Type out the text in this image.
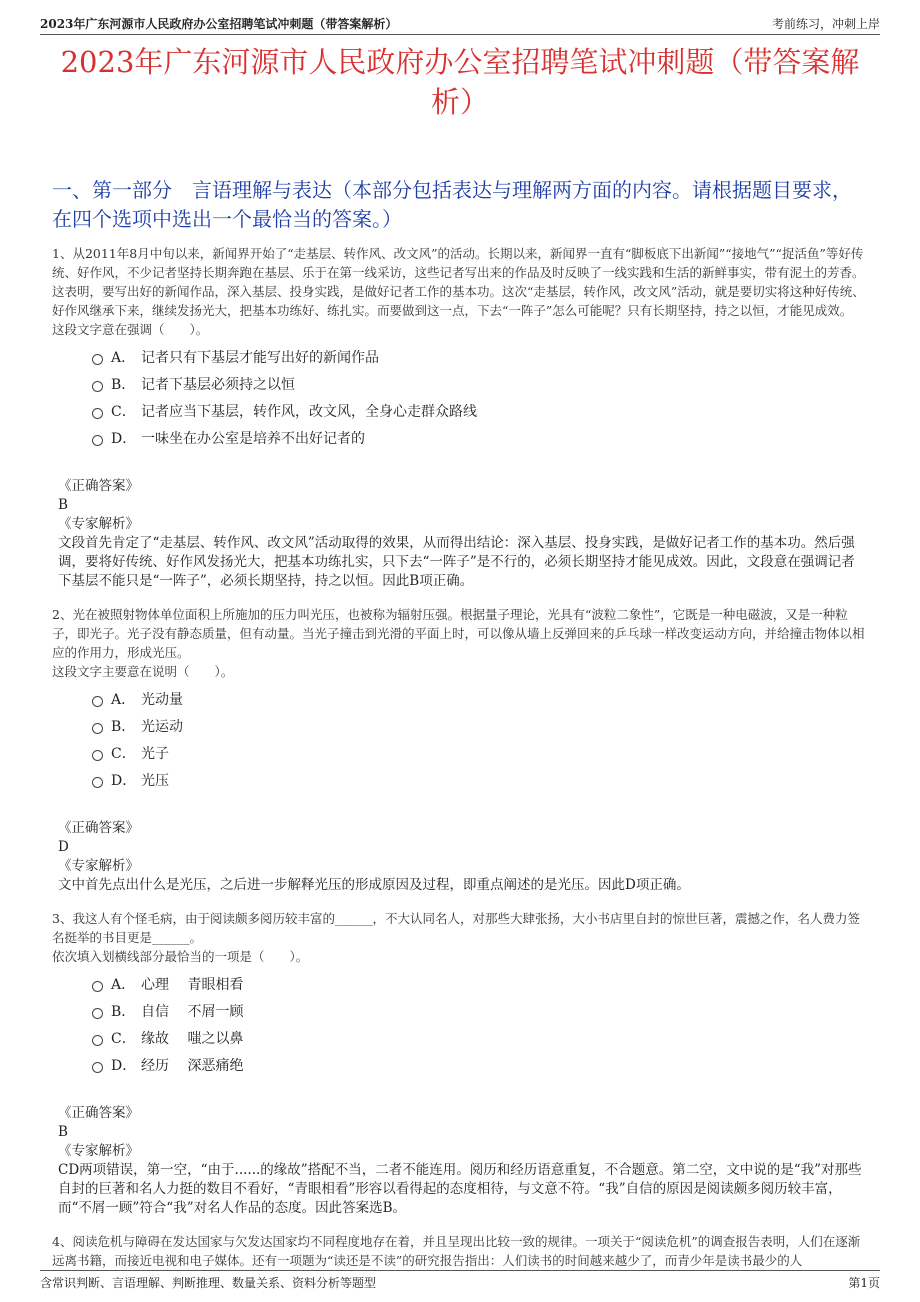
2023年广东河源市人民政府办公室招聘笔试冲刺题（带答案解析）	考前练习，冲刺上岸
2023年广东河源市人民政府办公室招聘笔试冲刺题（带答案解析）
一、第一部分　言语理解与表达（本部分包括表达与理解两方面的内容。请根据题目要求，在四个选项中选出一个最恰当的答案。）

1、从2011年8月中旬以来，新闻界开始了“走基层、转作风、改文风”的活动。长期以来，新闻界一直有“脚板底下出新闻”“接地气”“捉活鱼”等好传统、好作风，不少记者坚持长期奔跑在基层、乐于在第一线采访，这些记者写出来的作品及时反映了一线实践和生活的新鲜事实，带有泥土的芳香。这表明，要写出好的新闻作品，深入基层、投身实践，是做好记者工作的基本功。这次“走基层，转作风，改文风”活动，就是要切实将这种好传统、好作风继承下来，继续发扬光大，把基本功练好、练扎实。而要做到这一点，下去“一阵子”怎么可能呢？只有长期坚持，持之以恒，才能见成效。

这段文字意在强调（　　）。

A． 记者只有下基层才能写出好的新闻作品
B． 记者下基层必须持之以恒
C． 记者应当下基层，转作风，改文风，全身心走群众路线
D． 一味坐在办公室是培养不出好记者的
《正确答案》
B
《专家解析》

文段首先肯定了“走基层、转作风、改文风”活动取得的效果，从而得出结论：深入基层、投身实践，是做好记者工作的基本功。然后强调，要将好传统、好作风发扬光大，把基本功练扎实，只下去“一阵子”是不行的，必须长期坚持才能见成效。因此，文段意在强调记者下基层不能只是“一阵子”，必须长期坚持，持之以恒。因此B项正确。

2、光在被照射物体单位面积上所施加的压力叫光压，也被称为辐射压强。根据量子理论，光具有“波粒二象性”，它既是一种电磁波，又是一种粒子，即光子。光子没有静态质量，但有动量。当光子撞击到光滑的平面上时，可以像从墙上反弹回来的乒乓球一样改变运动方向，并给撞击物体以相应的作用力，形成光压。

这段文字主要意在说明（　　）。

A． 光动量
B． 光运动
C． 光子
D． 光压
《正确答案》
D
《专家解析》

文中首先点出什么是光压，之后进一步解释光压的形成原因及过程，即重点阐述的是光压。因此D项正确。

3、我这人有个怪毛病，由于阅读颇多阅历较丰富的______，不大认同名人，对那些大肆张扬，大小书店里自封的惊世巨著，震撼之作，名人费力签名挺举的书目更是______。

依次填入划横线部分最恰当的一项是（　　）。

A． 心理　 青眼相看
B． 自信　 不屑一顾
C． 缘故　 嗤之以鼻
D． 经历　 深恶痛绝
《正确答案》
B
《专家解析》

CD两项错误，第一空，“由于......的缘故”搭配不当，二者不能连用。阅历和经历语意重复，不合题意。第二空，文中说的是“我”对那些自封的巨著和名人力挺的数目不看好，“青眼相看”形容以看得起的态度相待，与文意不符。“我”自信的原因是阅读颇多阅历较丰富，而“不屑一顾”符合“我”对名人作品的态度。因此答案选B。

4、阅读危机与障碍在发达国家与欠发达国家均不同程度地存在着，并且呈现出比较一致的规律。一项关于“阅读危机”的调查报告表明，人们在逐渐远离书籍，而接近电视和电子媒体。还有一项题为“读还是不读”的研究报告指出：人们读书的时间越来越少了，而青少年是读书最少的人

含常识判断、言语理解、判断推理、数量关系、资料分析等题型	第1页
